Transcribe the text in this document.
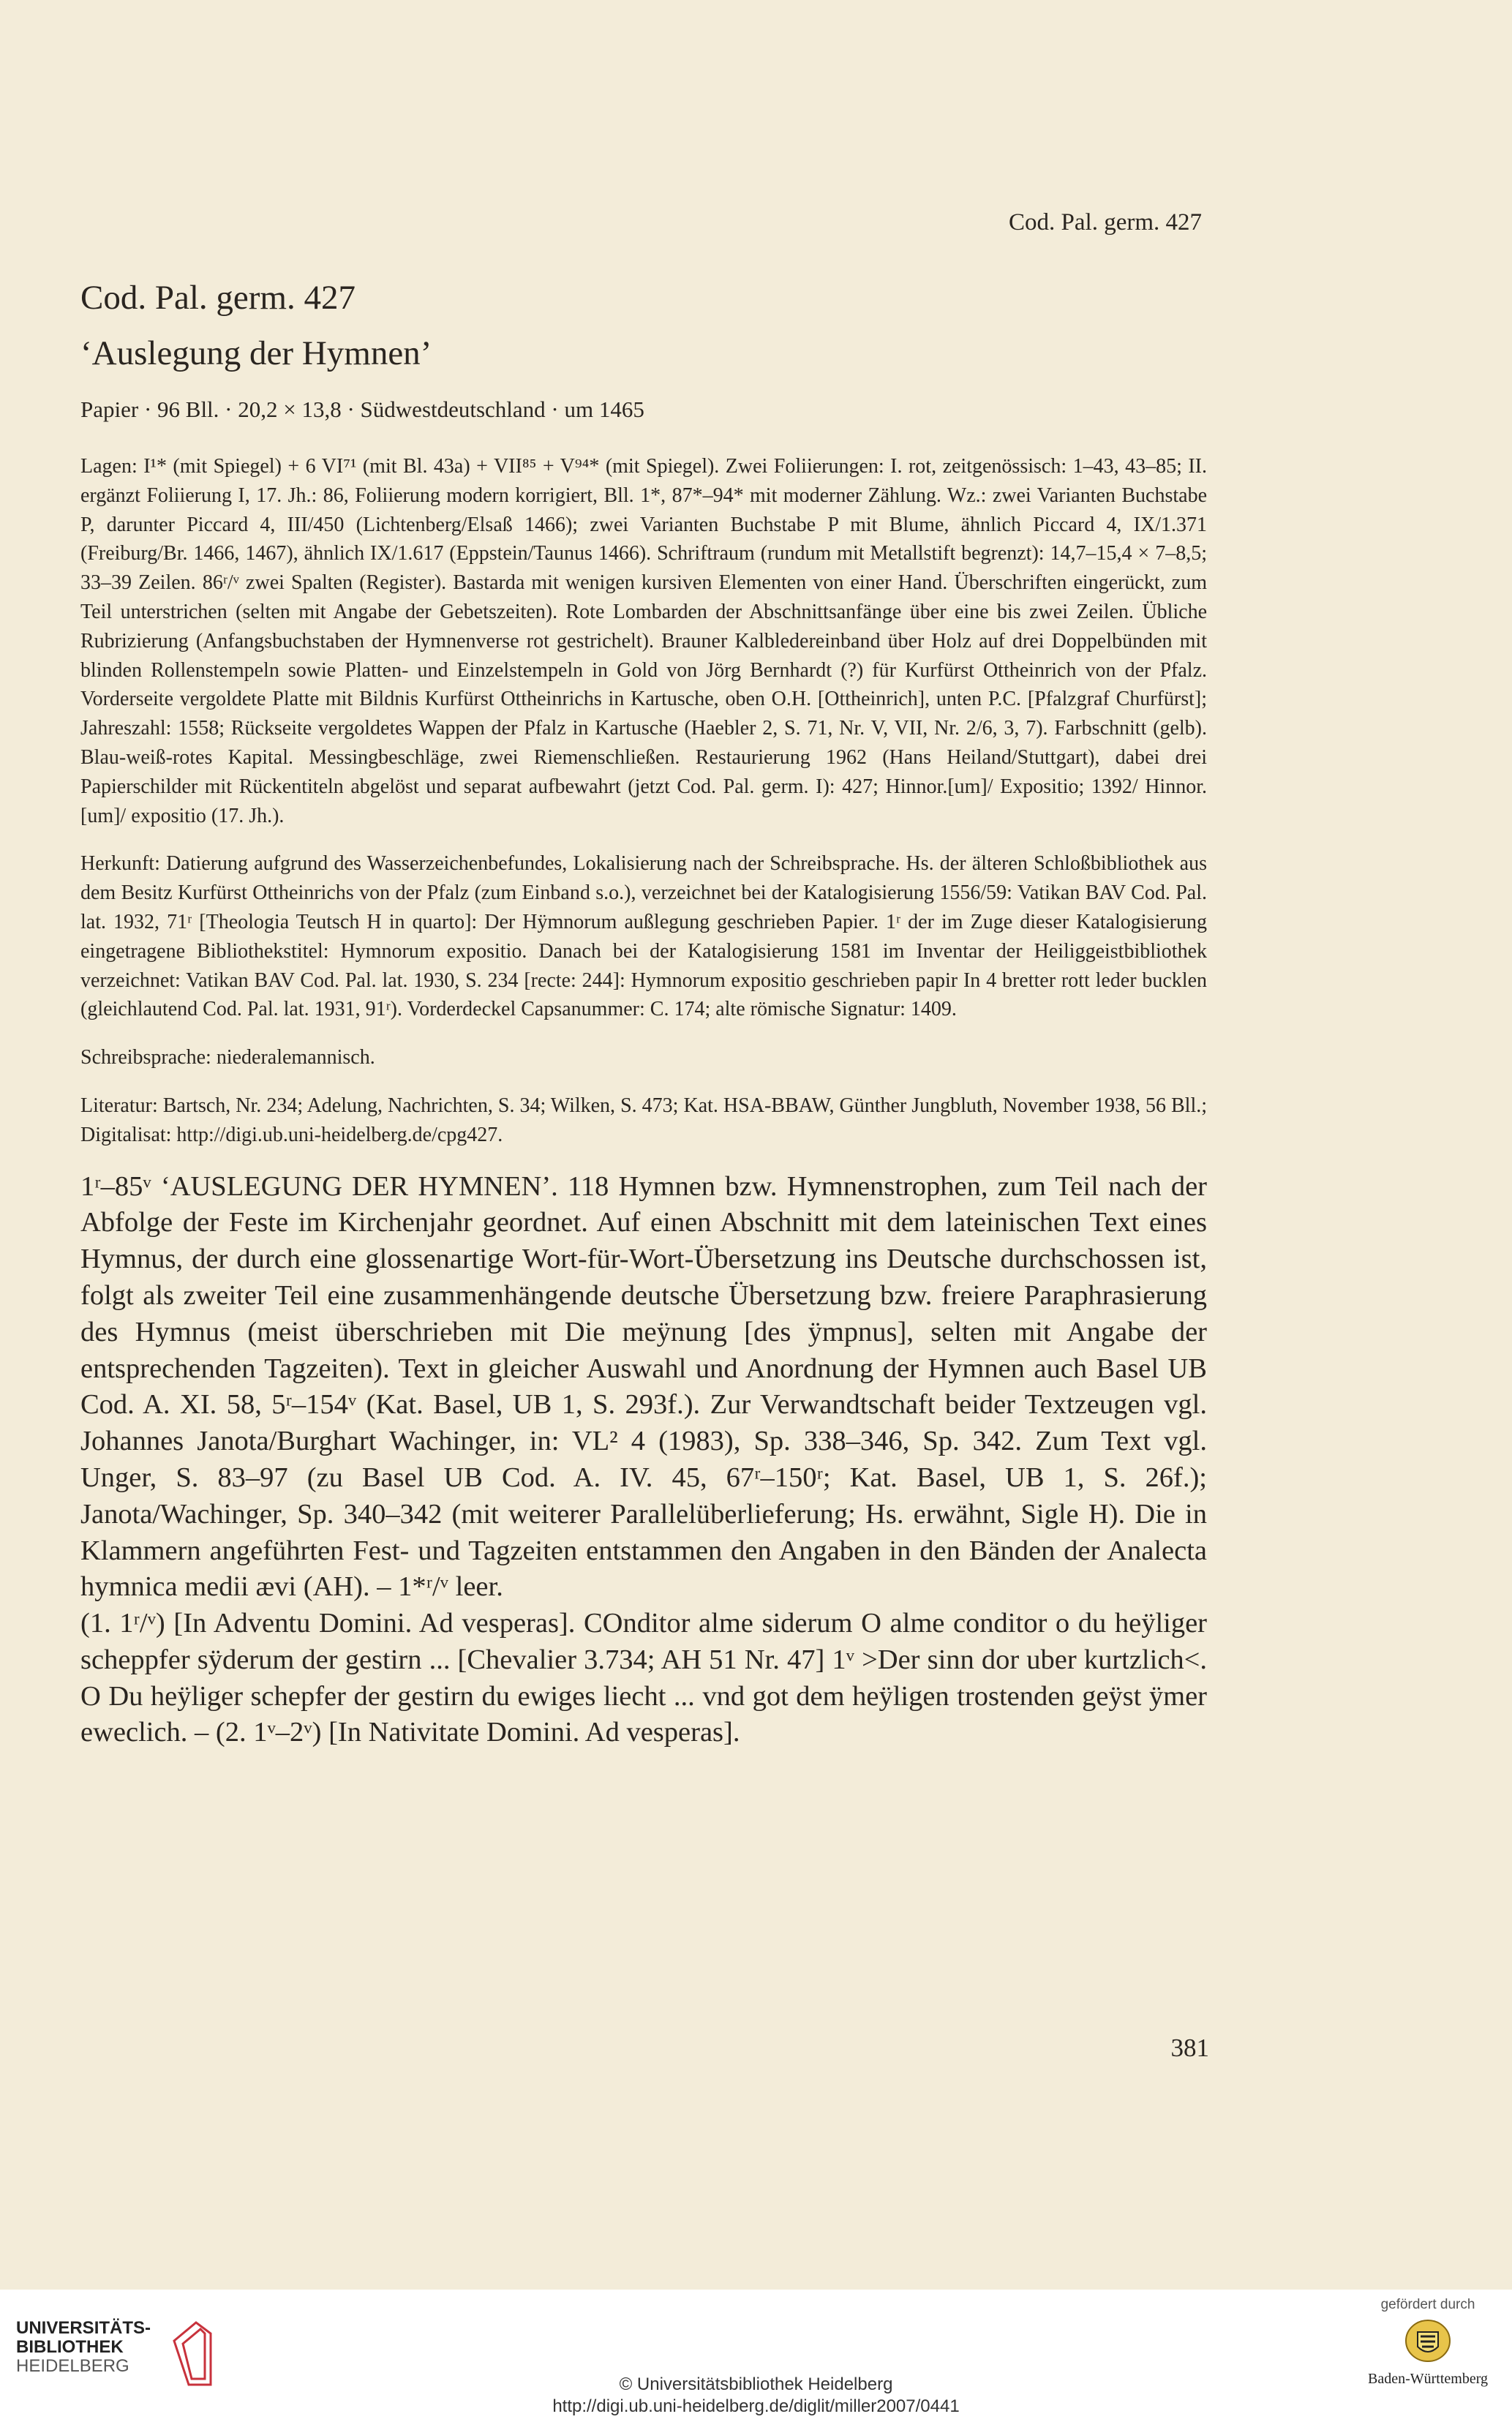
Cod. Pal. germ. 427
Cod. Pal. germ. 427
‘Auslegung der Hymnen’

Papier · 96 Bll. · 20,2 × 13,8 · Südwestdeutschland · um 1465

Lagen: I¹* (mit Spiegel) + 6 VI⁷¹ (mit Bl. 43a) + VII⁸⁵ + V⁹⁴* (mit Spiegel). Zwei Foliierungen: I. rot, zeitgenössisch: 1–43, 43–85; II. ergänzt Foliierung I, 17. Jh.: 86, Foliierung modern korrigiert, Bll. 1*, 87*–94* mit moderner Zählung. Wz.: zwei Varianten Buchstabe P, darunter Piccard 4, III/450 (Lichtenberg/Elsaß 1466); zwei Varianten Buchstabe P mit Blume, ähnlich Piccard 4, IX/1.371 (Freiburg/Br. 1466, 1467), ähnlich IX/1.617 (Eppstein/Taunus 1466). Schriftraum (rundum mit Metallstift begrenzt): 14,7–15,4 × 7–8,5; 33–39 Zeilen. 86ʳ/ᵛ zwei Spalten (Register). Bastarda mit wenigen kursiven Elementen von einer Hand. Überschriften eingerückt, zum Teil unterstrichen (selten mit Angabe der Gebetszeiten). Rote Lombarden der Abschnittsanfänge über eine bis zwei Zeilen. Übliche Rubrizierung (Anfangsbuchstaben der Hymnenverse rot gestrichelt). Brauner Kalbledereinband über Holz auf drei Doppelbünden mit blinden Rollenstempeln sowie Platten- und Einzelstempeln in Gold von Jörg Bernhardt (?) für Kurfürst Ottheinrich von der Pfalz. Vorderseite vergoldete Platte mit Bildnis Kurfürst Ottheinrichs in Kartusche, oben O.H. [Ottheinrich], unten P.C. [Pfalzgraf Churfürst]; Jahreszahl: 1558; Rückseite vergoldetes Wappen der Pfalz in Kartusche (Haebler 2, S. 71, Nr. V, VII, Nr. 2/6, 3, 7). Farbschnitt (gelb). Blau-weiß-rotes Kapital. Messingbeschläge, zwei Riemenschließen. Restaurierung 1962 (Hans Heiland/Stuttgart), dabei drei Papierschilder mit Rückentiteln abgelöst und separat aufbewahrt (jetzt Cod. Pal. germ. I): 427; Hinnor.[um]/ Expositio; 1392/ Hinnor.[um]/ expositio (17. Jh.).

Herkunft: Datierung aufgrund des Wasserzeichenbefundes, Lokalisierung nach der Schreibsprache. Hs. der älteren Schloßbibliothek aus dem Besitz Kurfürst Ottheinrichs von der Pfalz (zum Einband s.o.), verzeichnet bei der Katalogisierung 1556/59: Vatikan BAV Cod. Pal. lat. 1932, 71ʳ [Theologia Teutsch H in quarto]: Der Hÿmnorum außlegung geschrieben Papier. 1ʳ der im Zuge dieser Katalogisierung eingetragene Bibliothekstitel: Hymnorum expositio. Danach bei der Katalogisierung 1581 im Inventar der Heiliggeistbibliothek verzeichnet: Vatikan BAV Cod. Pal. lat. 1930, S. 234 [recte: 244]: Hymnorum expositio geschrieben papir In 4 bretter rott leder bucklen (gleichlautend Cod. Pal. lat. 1931, 91ʳ). Vorderdeckel Capsanummer: C. 174; alte römische Signatur: 1409.

Schreibsprache: niederalemannisch.

Literatur: Bartsch, Nr. 234; Adelung, Nachrichten, S. 34; Wilken, S. 473; Kat. HSA-BBAW, Günther Jungbluth, November 1938, 56 Bll.; Digitalisat: http://digi.ub.uni-heidelberg.de/cpg427.

1ʳ–85ᵛ ‘AUSLEGUNG DER HYMNEN’. 118 Hymnen bzw. Hymnenstrophen, zum Teil nach der Abfolge der Feste im Kirchenjahr geordnet. Auf einen Abschnitt mit dem lateinischen Text eines Hymnus, der durch eine glossenartige Wort-für-Wort-Übersetzung ins Deutsche durchschossen ist, folgt als zweiter Teil eine zusammenhängende deutsche Übersetzung bzw. freiere Paraphrasierung des Hymnus (meist überschrieben mit Die meÿnung [des ÿmpnus], selten mit Angabe der entsprechenden Tagzeiten). Text in gleicher Auswahl und Anordnung der Hymnen auch Basel UB Cod. A. XI. 58, 5ʳ–154ᵛ (Kat. Basel, UB 1, S. 293f.). Zur Verwandtschaft beider Textzeugen vgl. Johannes Janota/Burghart Wachinger, in: VL² 4 (1983), Sp. 338–346, Sp. 342. Zum Text vgl. Unger, S. 83–97 (zu Basel UB Cod. A. IV. 45, 67ʳ–150ʳ; Kat. Basel, UB 1, S. 26f.); Janota/Wachinger, Sp. 340–342 (mit weiterer Parallelüberlieferung; Hs. erwähnt, Sigle H). Die in Klammern angeführten Fest- und Tagzeiten entstammen den Angaben in den Bänden der Analecta hymnica medii ævi (AH). – 1*ʳ/ᵛ leer.

(1. 1ʳ/ᵛ) [In Adventu Domini. Ad vesperas]. COnditor alme siderum O alme conditor o du heÿliger scheppfer sÿderum der gestirn ... [Chevalier 3.734; AH 51 Nr. 47] 1ᵛ >Der sinn dor uber kurtzlich<. O Du heÿliger schepfer der gestirn du ewiges liecht ... vnd got dem heÿligen trostenden geÿst ÿmer eweclich. – (2. 1ᵛ–2ᵛ) [In Nativitate Domini. Ad vesperas].

381
UNIVERSITÄTS-
BIBLIOTHEK
HEIDELBERG
© Universitätsbibliothek Heidelberg
http://digi.ub.uni-heidelberg.de/diglit/miller2007/0441
gefördert durch
Baden-Württemberg
